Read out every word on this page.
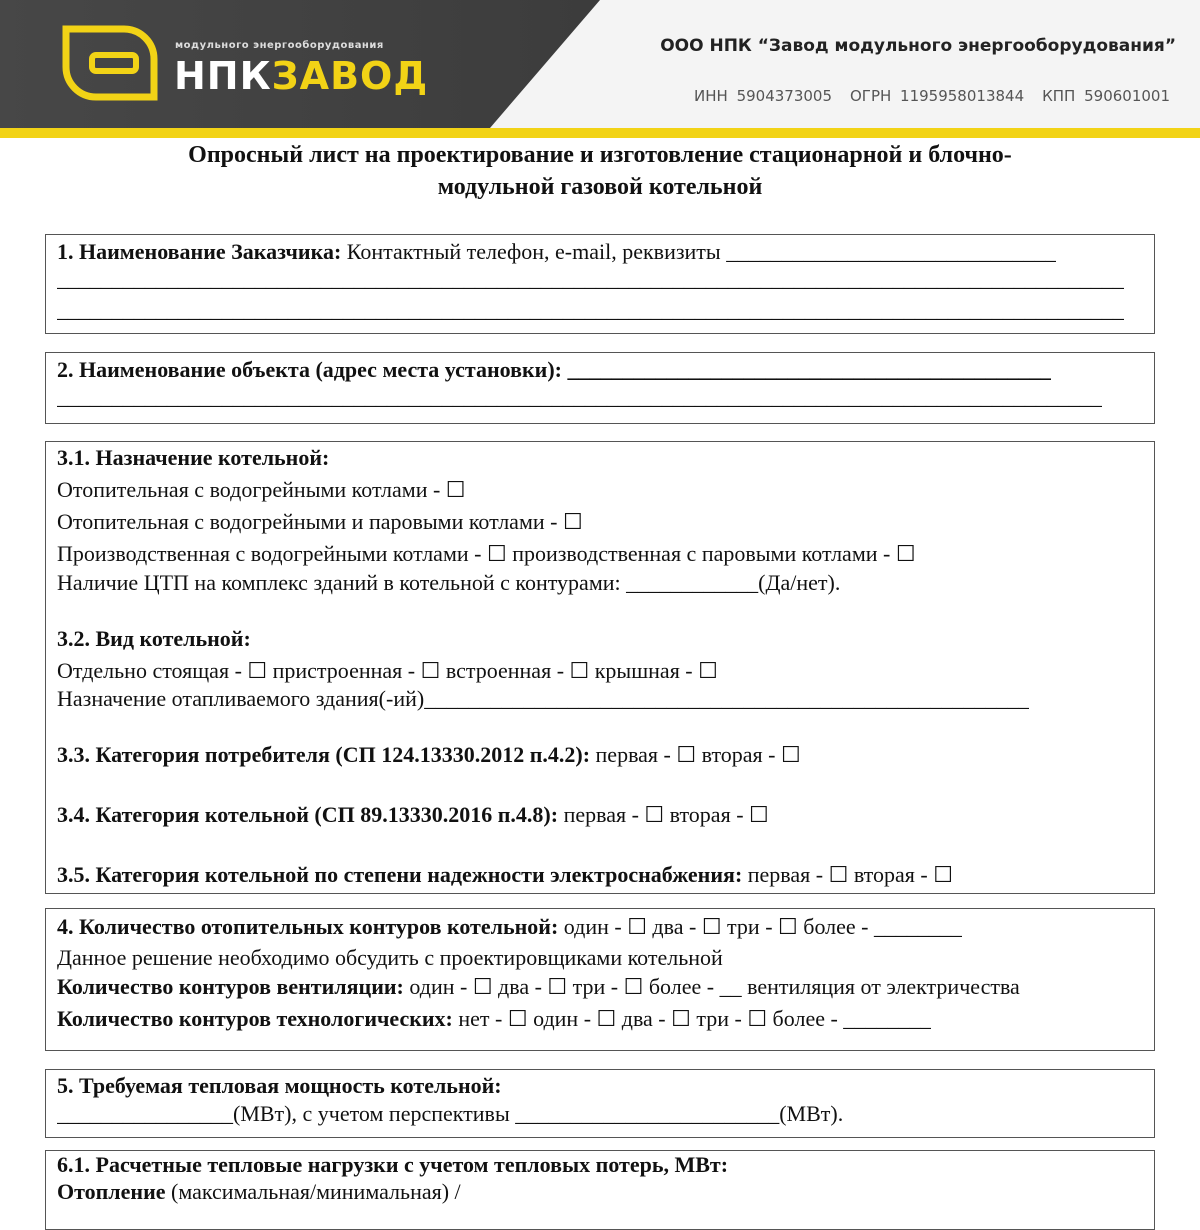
модульного энергооборудования
НПКЗАВОД
ООО НПК “Завод модульного энергооборудования”
ИНН 5904373005 ОГРН 1195958013844 КПП 590601001
Опросный лист на проектирование и изготовление стационарной и блочно-
модульной газовой котельной
1. Наименование Заказчика: Контактный телефон, e-mail, реквизиты ______________________________
_________________________________________________________________________________________________
_________________________________________________________________________________________________
2. Наименование объекта (адрес места установки): ____________________________________________
_______________________________________________________________________________________________
3.1. Назначение котельной:
Отопительная с водогрейными котлами - ☐
Отопительная с водогрейными и паровыми котлами - ☐
Производственная с водогрейными котлами - ☐ производственная с паровыми котлами - ☐
Наличие ЦТП на комплекс зданий в котельной с контурами: ____________(Да/нет).
3.2. Вид котельной:
Отдельно стоящая - ☐ пристроенная - ☐ встроенная - ☐ крышная - ☐
Назначение отапливаемого здания(-ий)_______________________________________________________
3.3. Категория потребителя (СП 124.13330.2012 п.4.2): первая - ☐ вторая - ☐
3.4. Категория котельной (СП 89.13330.2016 п.4.8): первая - ☐ вторая - ☐
3.5. Категория котельной по степени надежности электроснабжения: первая - ☐ вторая - ☐
4. Количество отопительных контуров котельной: один - ☐ два - ☐ три - ☐ более - ________
Данное решение необходимо обсудить с проектировщиками котельной
Количество контуров вентиляции: один - ☐ два - ☐ три - ☐ более - __ вентиляция от электричества
Количество контуров технологических: нет - ☐ один - ☐ два - ☐ три - ☐ более - ________
5. Требуемая тепловая мощность котельной:
________________(МВт), с учетом перспективы ________________________(МВт).
6.1. Расчетные тепловые нагрузки с учетом тепловых потерь, МВт:
Отопление (максимальная/минимальная) /
